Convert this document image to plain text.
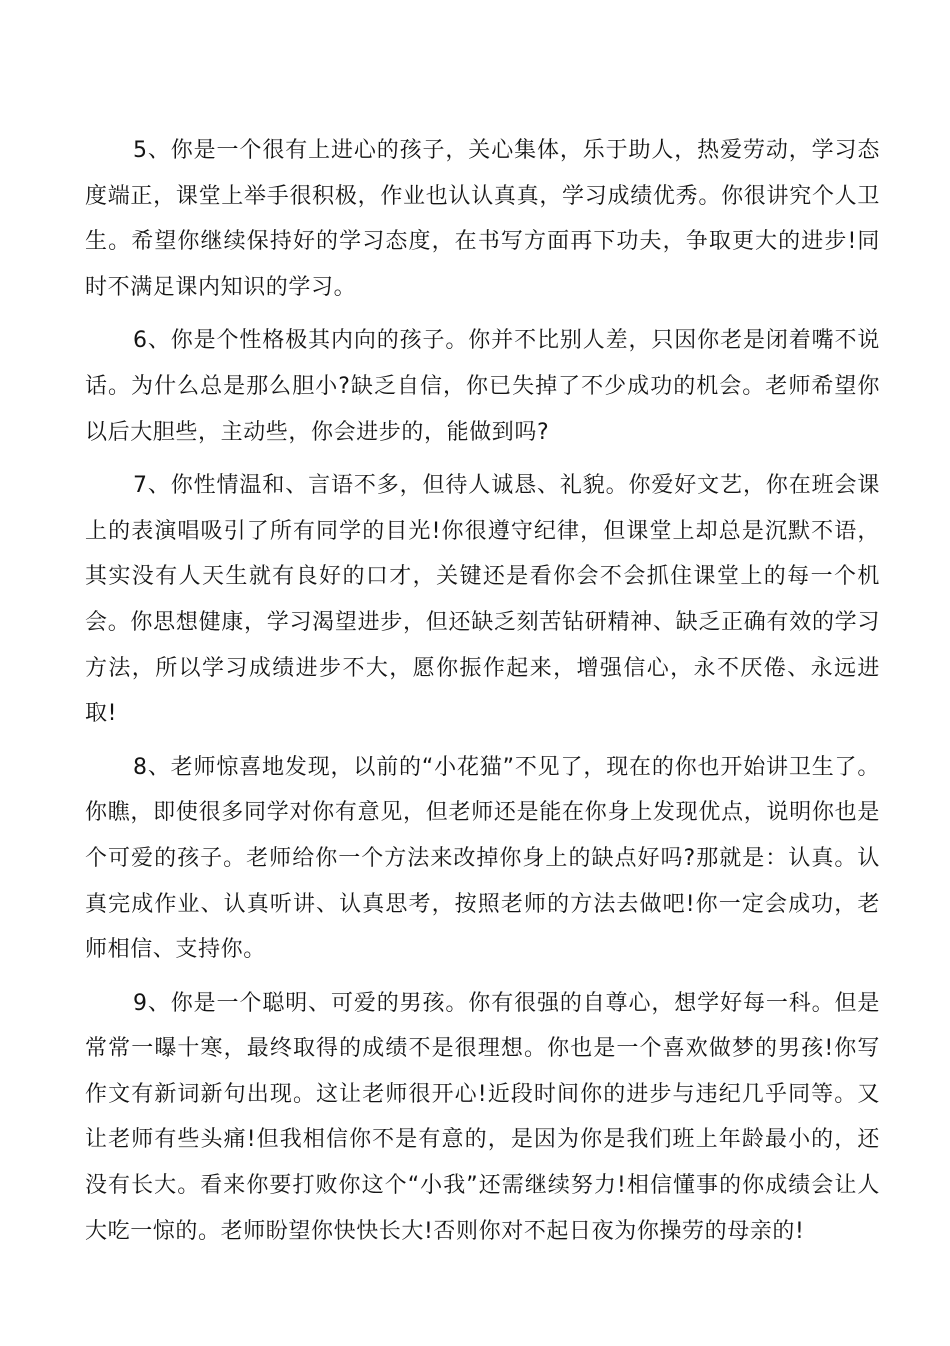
5、你是一个很有上进心的孩子，关心集体，乐于助人，热爱劳动，学习态度端正，课堂上举手很积极，作业也认认真真，学习成绩优秀。你很讲究个人卫生。希望你继续保持好的学习态度，在书写方面再下功夫，争取更大的进步!同时不满足课内知识的学习。

6、你是个性格极其内向的孩子。你并不比别人差，只因你老是闭着嘴不说话。为什么总是那么胆小?缺乏自信，你已失掉了不少成功的机会。老师希望你以后大胆些，主动些，你会进步的，能做到吗?

7、你性情温和、言语不多，但待人诚恳、礼貌。你爱好文艺，你在班会课上的表演唱吸引了所有同学的目光!你很遵守纪律，但课堂上却总是沉默不语，其实没有人天生就有良好的口才，关键还是看你会不会抓住课堂上的每一个机会。你思想健康，学习渴望进步，但还缺乏刻苦钻研精神、缺乏正确有效的学习方法，所以学习成绩进步不大，愿你振作起来，增强信心，永不厌倦、永远进取!

8、老师惊喜地发现，以前的“小花猫”不见了，现在的你也开始讲卫生了。你瞧，即使很多同学对你有意见，但老师还是能在你身上发现优点，说明你也是个可爱的孩子。老师给你一个方法来改掉你身上的缺点好吗?那就是：认真。认真完成作业、认真听讲、认真思考，按照老师的方法去做吧!你一定会成功，老师相信、支持你。

9、你是一个聪明、可爱的男孩。你有很强的自尊心，想学好每一科。但是常常一曝十寒，最终取得的成绩不是很理想。你也是一个喜欢做梦的男孩!你写作文有新词新句出现。这让老师很开心!近段时间你的进步与违纪几乎同等。又让老师有些头痛!但我相信你不是有意的，是因为你是我们班上年龄最小的，还没有长大。看来你要打败你这个“小我”还需继续努力!相信懂事的你成绩会让人大吃一惊的。老师盼望你快快长大!否则你对不起日夜为你操劳的母亲的!
